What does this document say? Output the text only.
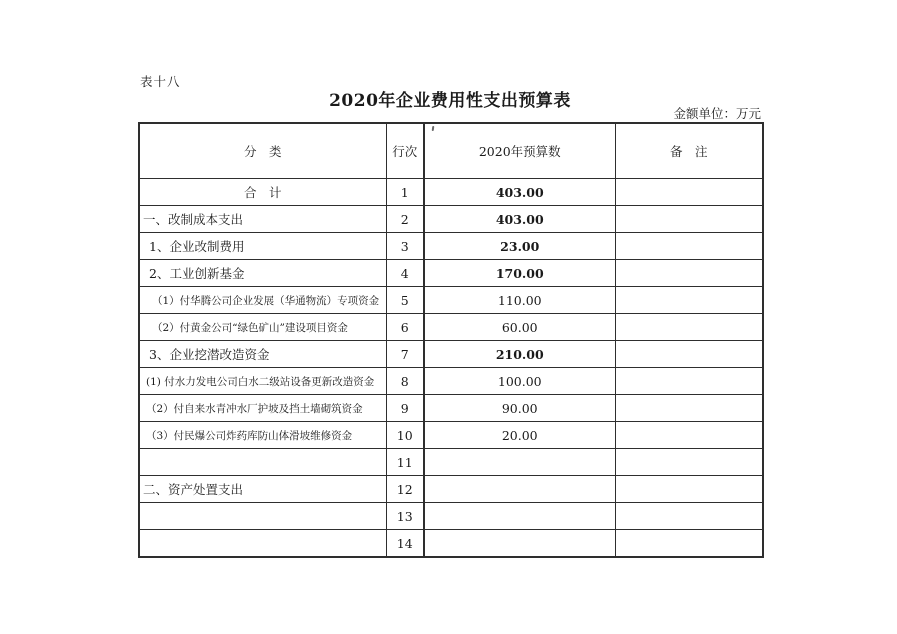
表十八
2020年企业费用性支出预算表
金额单位：万元
分　类	行次	2020年预算数	备　注
合　计	1	403.00	
一、改制成本支出	2	403.00	
1、企业改制费用	3	23.00	
2、工业创新基金	4	170.00	
（1）付华腾公司企业发展（华通物流）专项资金	5	110.00	
（2）付黄金公司“绿色矿山”建设项目资金	6	60.00	
3、企业挖潜改造资金	7	210.00	
(1) 付水力发电公司白水二级站设备更新改造资金	8	100.00	
（2）付自来水青冲水厂护坡及挡土墙砌筑资金	9	90.00	
（3）付民爆公司炸药库防山体滑坡维修资金	10	20.00	
	11		
二、资产处置支出	12		
	13		
	14		
